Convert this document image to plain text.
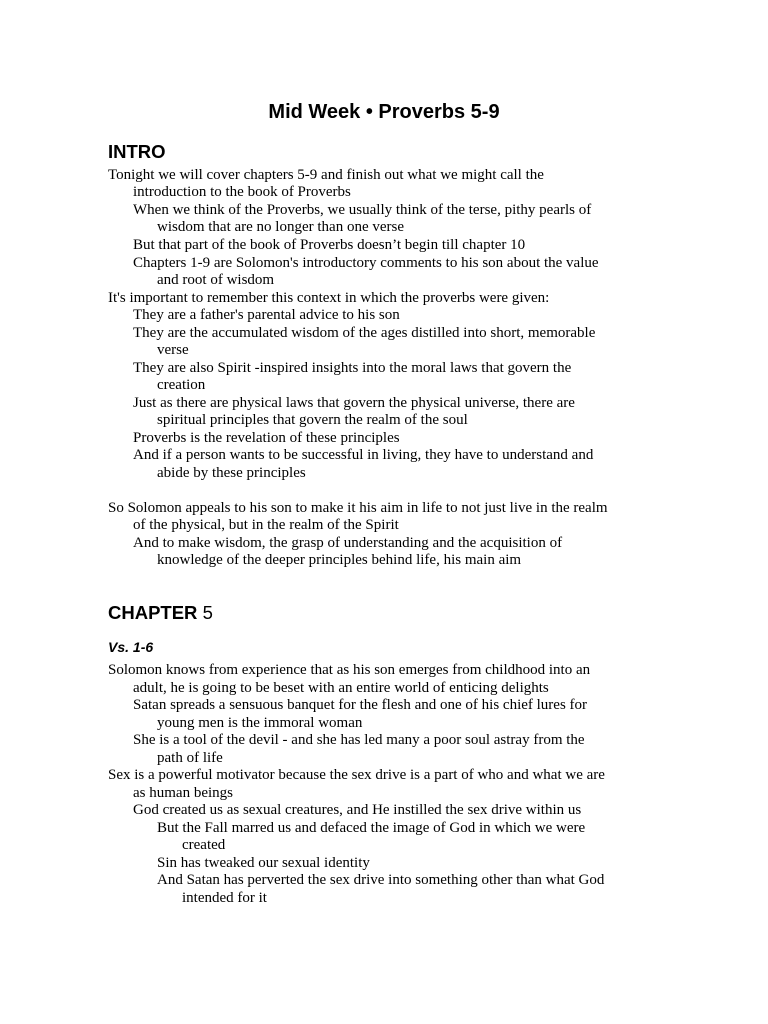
Mid Week • Proverbs 5-9
INTRO

Tonight we will cover chapters 5-9 and finish out what we might call the

introduction to the book of Proverbs

When we think of the Proverbs, we usually think of the terse, pithy pearls of

wisdom that are no longer than one verse

But that part of the book of Proverbs doesn’t begin till chapter 10

Chapters 1-9 are Solomon's introductory comments to his son about the value

and root of wisdom

It's important to remember this context in which the proverbs were given:

They are a father's parental advice to his son

They are the accumulated wisdom of the ages distilled into short, memorable

verse

They are also Spirit -inspired insights into the moral laws that govern the

creation

Just as there are physical laws that govern the physical universe, there are

spiritual principles that govern the realm of the soul

Proverbs is the revelation of these principles

And if a person wants to be successful in living, they have to understand and

abide by these principles

So Solomon appeals to his son to make it his aim in life to not just live in the realm

of the physical, but in the realm of the Spirit

And to make wisdom, the grasp of understanding and the acquisition of

knowledge of the deeper principles behind life, his main aim

CHAPTER 5
Vs. 1-6

Solomon knows from experience that as his son emerges from childhood into an

adult, he is going to be beset with an entire world of enticing delights

Satan spreads a sensuous banquet for the flesh and one of his chief lures for

young men is the immoral woman

She is a tool of the devil - and she has led many a poor soul astray from the

path of life

Sex is a powerful motivator because the sex drive is a part of who and what we are

as human beings

God created us as sexual creatures, and He instilled the sex drive within us

But the Fall marred us and defaced the image of God in which we were

created

Sin has tweaked our sexual identity

And Satan has perverted the sex drive into something other than what God

intended for it
